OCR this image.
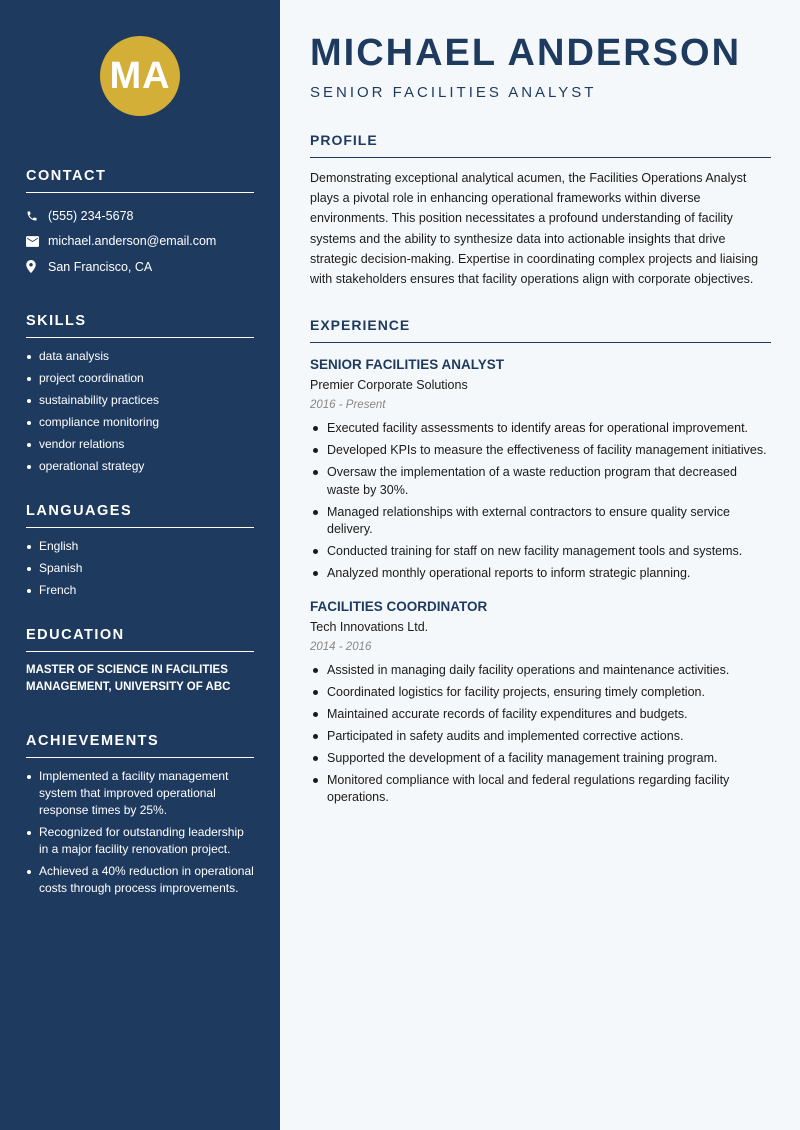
MA
CONTACT
(555) 234-5678
michael.anderson@email.com
San Francisco, CA
SKILLS
data analysis
project coordination
sustainability practices
compliance monitoring
vendor relations
operational strategy
LANGUAGES
English
Spanish
French
EDUCATION

MASTER OF SCIENCE IN FACILITIES MANAGEMENT, UNIVERSITY OF ABC

ACHIEVEMENTS
Implemented a facility management system that improved operational response times by 25%.
Recognized for outstanding leadership in a major facility renovation project.
Achieved a 40% reduction in operational costs through process improvements.
MICHAEL ANDERSON
SENIOR FACILITIES ANALYST
PROFILE

Demonstrating exceptional analytical acumen, the Facilities Operations Analyst plays a pivotal role in enhancing operational frameworks within diverse environments. This position necessitates a profound understanding of facility systems and the ability to synthesize data into actionable insights that drive strategic decision-making. Expertise in coordinating complex projects and liaising with stakeholders ensures that facility operations align with corporate objectives.

EXPERIENCE
SENIOR FACILITIES ANALYST
Premier Corporate Solutions
2016 - Present
Executed facility assessments to identify areas for operational improvement.
Developed KPIs to measure the effectiveness of facility management initiatives.
Oversaw the implementation of a waste reduction program that decreased waste by 30%.
Managed relationships with external contractors to ensure quality service delivery.
Conducted training for staff on new facility management tools and systems.
Analyzed monthly operational reports to inform strategic planning.
FACILITIES COORDINATOR
Tech Innovations Ltd.
2014 - 2016
Assisted in managing daily facility operations and maintenance activities.
Coordinated logistics for facility projects, ensuring timely completion.
Maintained accurate records of facility expenditures and budgets.
Participated in safety audits and implemented corrective actions.
Supported the development of a facility management training program.
Monitored compliance with local and federal regulations regarding facility operations.
